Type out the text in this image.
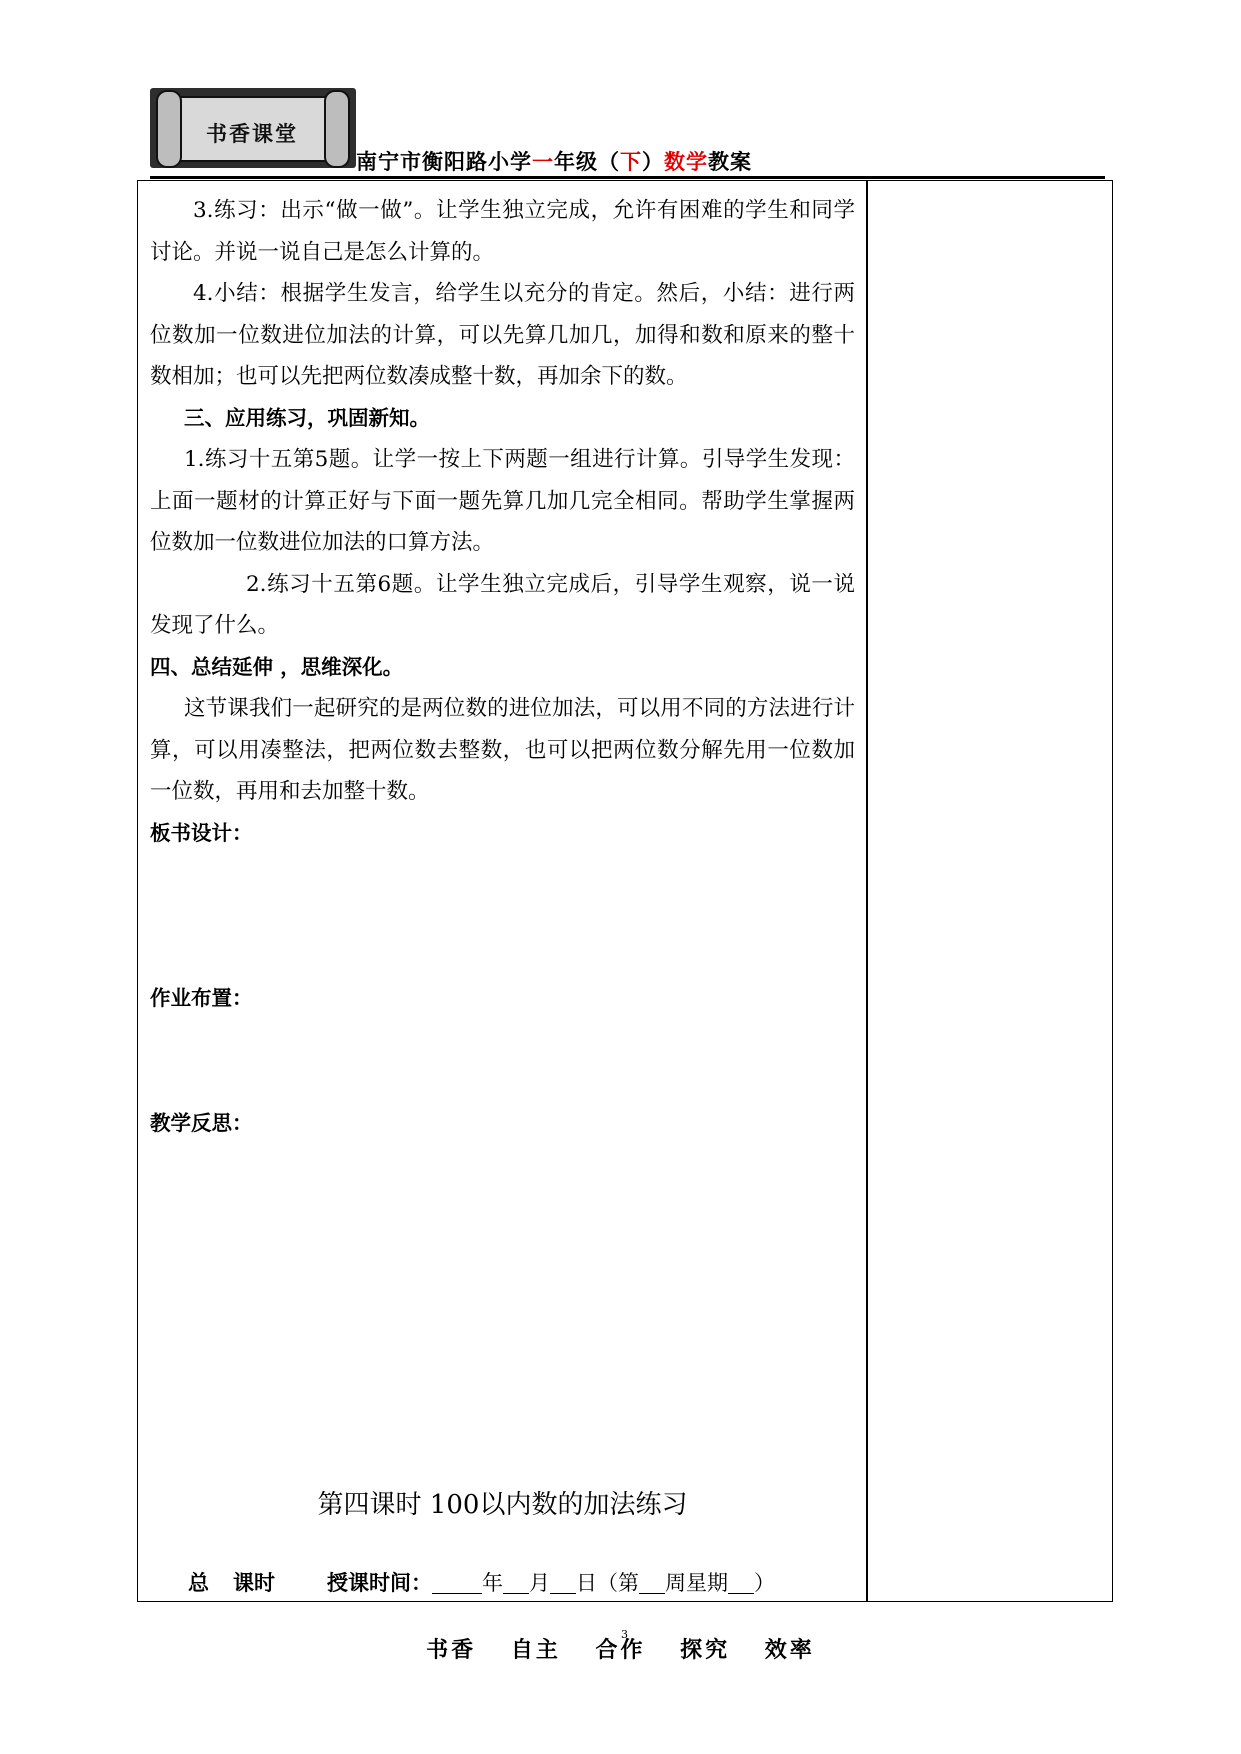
书香课堂
南宁市衡阳路小学一年级（下）数学教案

3.练习：出示“做一做”。让学生独立完成，允许有困难的学生和同学讨论。并说一说自己是怎么计算的。

4.小结：根据学生发言，给学生以充分的肯定。然后，小结：进行两位数加一位数进位加法的计算，可以先算几加几，加得和数和原来的整十数相加；也可以先把两位数凑成整十数，再加余下的数。

三、应用练习，巩固新知。

1.练习十五第5题。让学一按上下两题一组进行计算。引导学生发现：上面一题材的计算正好与下面一题先算几加几完全相同。帮助学生掌握两位数加一位数进位加法的口算方法。

2.练习十五第6题。让学生独立完成后，引导学生观察，说一说发现了什么。

四、总结延伸 ，思维深化。

这节课我们一起研究的是两位数的进位加法，可以用不同的方法进行计算，可以用凑整法，把两位数去整数，也可以把两位数分解先用一位数加一位数，再用和去加整十数。

板书设计：

作业布置：

教学反思：

第四课时 100以内数的加法练习
总 课时 授课时间： 年 月 日（第 周星期 ）
书香 自主 合作 探究 效率
3
